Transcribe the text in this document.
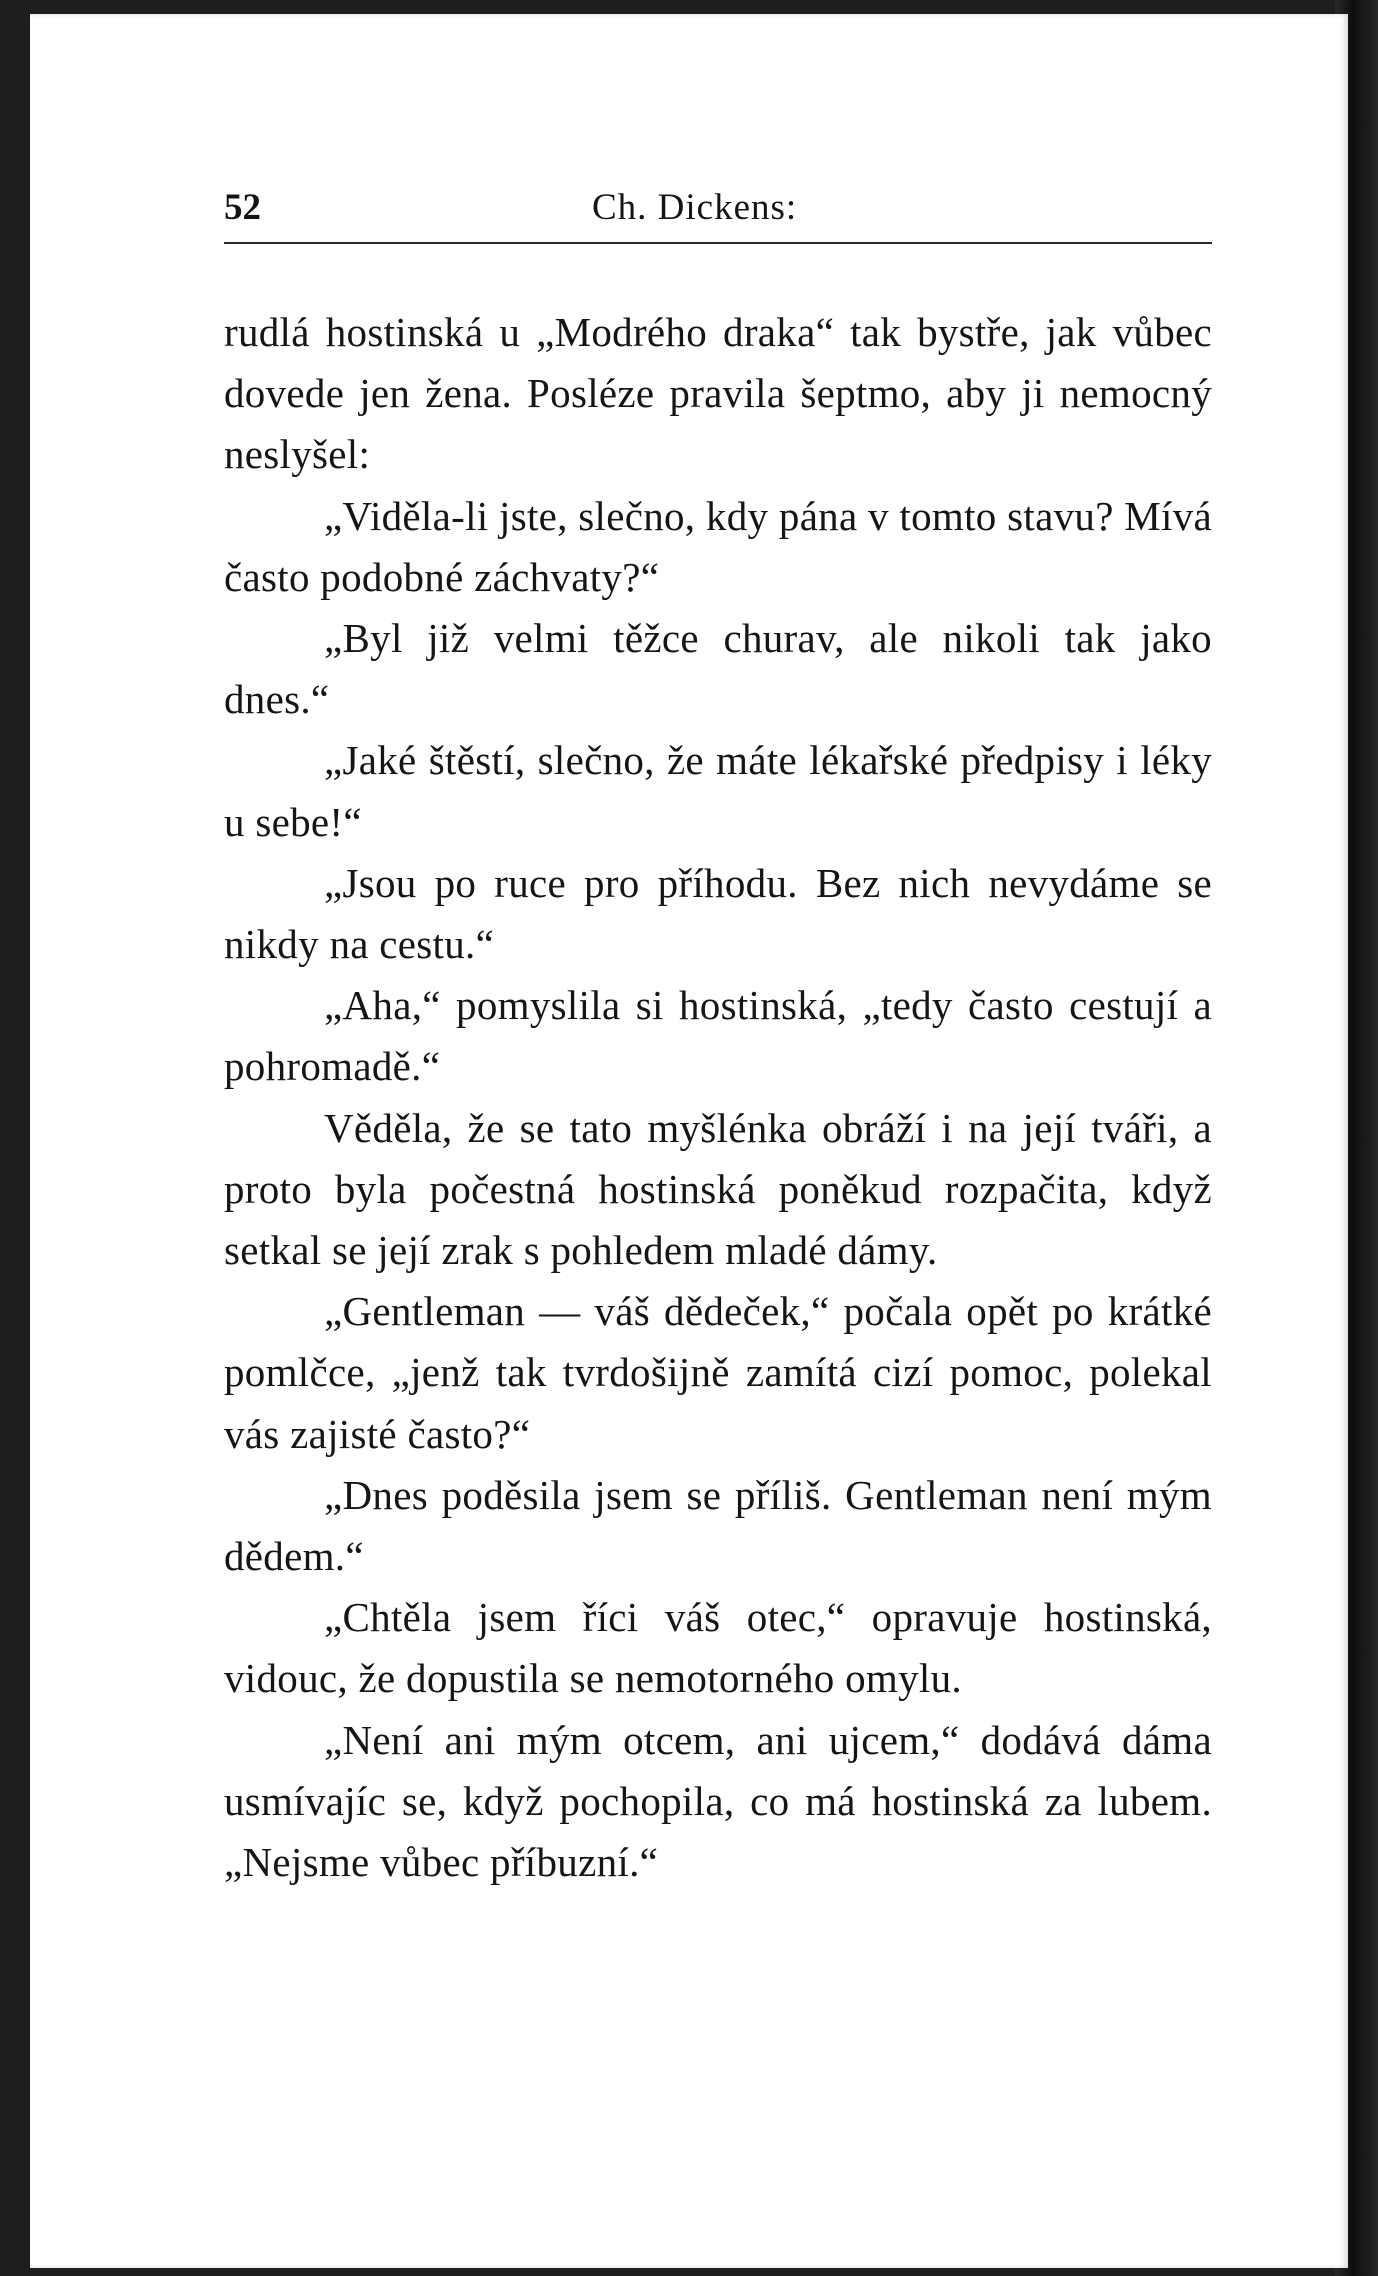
52	Ch. Dickens:

rudlá hostinská u „Modrého draka“ tak bystře, jak vůbec dovede jen žena. Posléze pravila šeptmo, aby ji nemocný neslyšel:

„Viděla-li jste, slečno, kdy pána v tomto stavu? Mívá často podobné záchvaty?“

„Byl již velmi těžce churav, ale nikoli tak jako dnes.“

„Jaké štěstí, slečno, že máte lékařské předpisy i léky u sebe!“

„Jsou po ruce pro příhodu. Bez nich nevydáme se nikdy na cestu.“

„Aha,“ pomyslila si hostinská, „tedy často cestují a pohromadě.“

Věděla, že se tato myšlénka obráží i na její tváři, a proto byla počestná hostinská poněkud rozpačita, když setkal se její zrak s pohledem mladé dámy.

„Gentleman — váš dědeček,“ počala opět po krátké pomlčce, „jenž tak tvrdošijně zamítá cizí pomoc, polekal vás zajisté často?“

„Dnes poděsila jsem se příliš. Gentleman není mým dědem.“

„Chtěla jsem říci váš otec,“ opravuje hostinská, vidouc, že dopustila se nemotorného omylu.

„Není ani mým otcem, ani ujcem,“ dodává dáma usmívajíc se, když pochopila, co má hostinská za lubem. „Nejsme vůbec příbuzní.“
